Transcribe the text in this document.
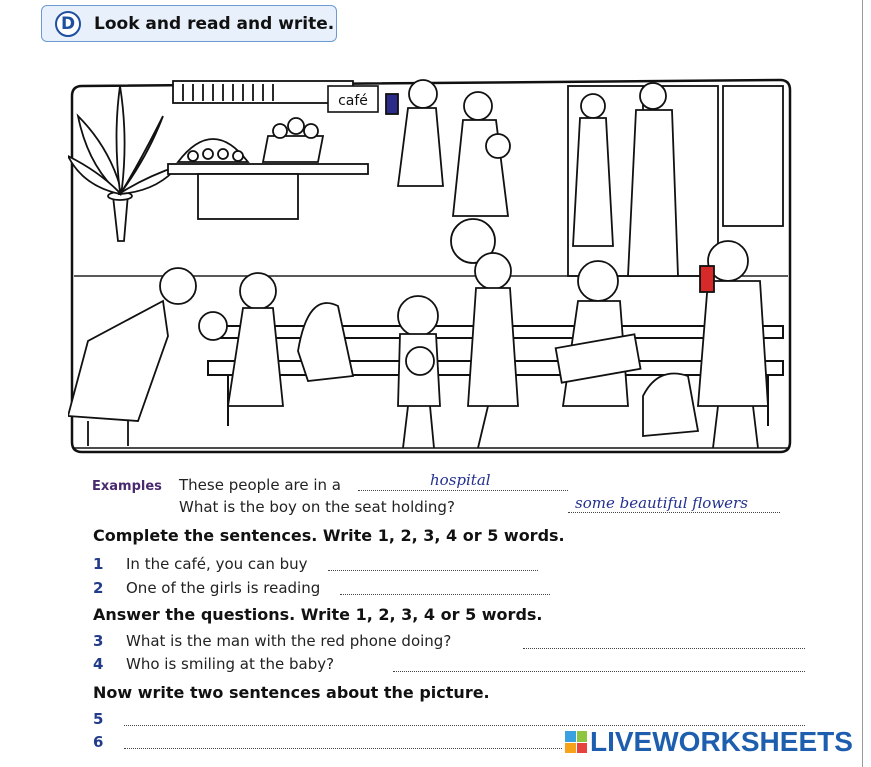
D	Look and read and write.
café
Examples These people are in a	hospital
What is the boy on the seat holding?	some beautiful flowers
Complete the sentences. Write 1, 2, 3, 4 or 5 words.
1 In the café, you can buy
2 One of the girls is reading
Answer the questions. Write 1, 2, 3, 4 or 5 words.
3 What is the man with the red phone doing?
4 Who is smiling at the baby?
Now write two sentences about the picture.
5
6	LIVEWORKSHEETS
